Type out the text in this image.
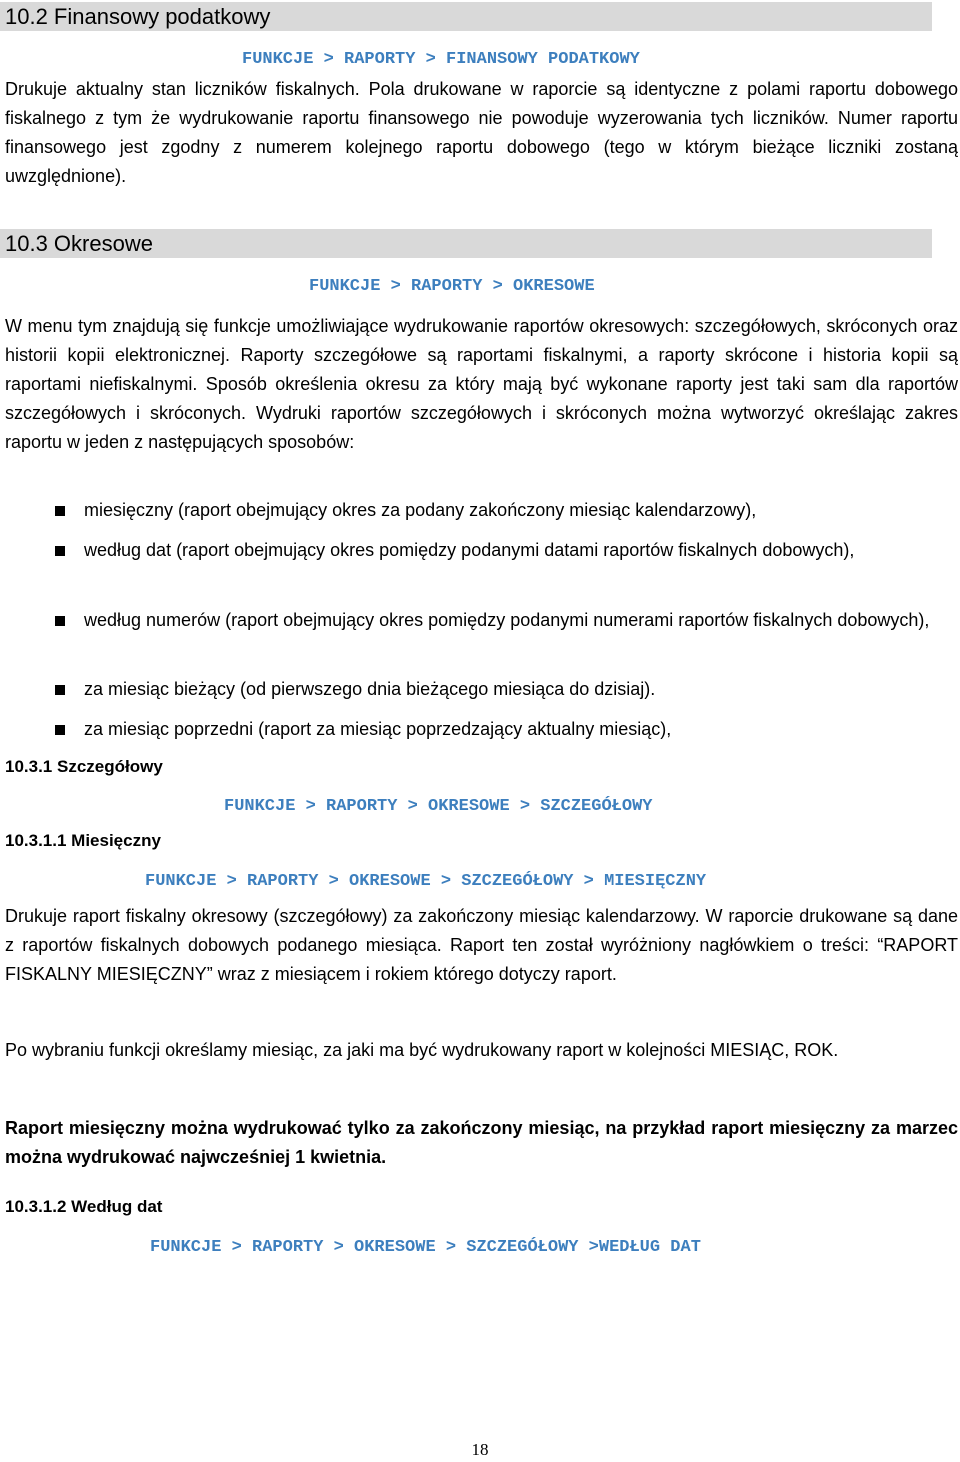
10.2 Finansowy podatkowy
FUNKCJE > RAPORTY > FINANSOWY PODATKOWY
Drukuje aktualny stan liczników fiskalnych. Pola drukowane w raporcie są identyczne z polami raportu dobowego fiskalnego z tym że wydrukowanie raportu finansowego nie powoduje wyzerowania tych liczników. Numer raportu finansowego jest zgodny z numerem kolejnego raportu dobowego (tego w którym bieżące liczniki zostaną uwzględnione).
10.3 Okresowe
FUNKCJE > RAPORTY > OKRESOWE
W menu tym znajdują się funkcje umożliwiające wydrukowanie raportów okresowych: szczegółowych, skróconych oraz historii kopii elektronicznej. Raporty szczegółowe są raportami fiskalnymi, a raporty skrócone i historia kopii są raportami niefiskalnymi. Sposób określenia okresu za który mają być wykonane raporty jest taki sam dla raportów szczegółowych i skróconych. Wydruki raportów szczegółowych i skróconych można wytworzyć określając zakres raportu w jeden z następujących sposobów:
miesięczny (raport obejmujący okres za podany zakończony miesiąc kalendarzowy),
według dat (raport obejmujący okres pomiędzy podanymi datami raportów fiskalnych dobowych),
według numerów (raport obejmujący okres pomiędzy podanymi numerami raportów fiskalnych dobowych),
za miesiąc bieżący (od pierwszego dnia bieżącego miesiąca do dzisiaj).
za miesiąc poprzedni (raport za miesiąc poprzedzający aktualny miesiąc),
10.3.1 Szczegółowy
FUNKCJE > RAPORTY > OKRESOWE > SZCZEGÓŁOWY
10.3.1.1 Miesięczny
FUNKCJE > RAPORTY > OKRESOWE > SZCZEGÓŁOWY > MIESIĘCZNY
Drukuje raport fiskalny okresowy (szczegółowy) za zakończony miesiąc kalendarzowy. W raporcie drukowane są dane z raportów fiskalnych dobowych podanego miesiąca. Raport ten został wyróżniony nagłówkiem o treści: “RAPORT FISKALNY MIESIĘCZNY” wraz z miesiącem i rokiem którego dotyczy raport.
Po wybraniu funkcji określamy miesiąc, za jaki ma być wydrukowany raport w kolejności MIESIĄC, ROK.
Raport miesięczny można wydrukować tylko za zakończony miesiąc, na przykład raport miesięczny za marzec można wydrukować najwcześniej 1 kwietnia.
10.3.1.2 Według dat
FUNKCJE > RAPORTY > OKRESOWE > SZCZEGÓŁOWY >WEDŁUG DAT
18
